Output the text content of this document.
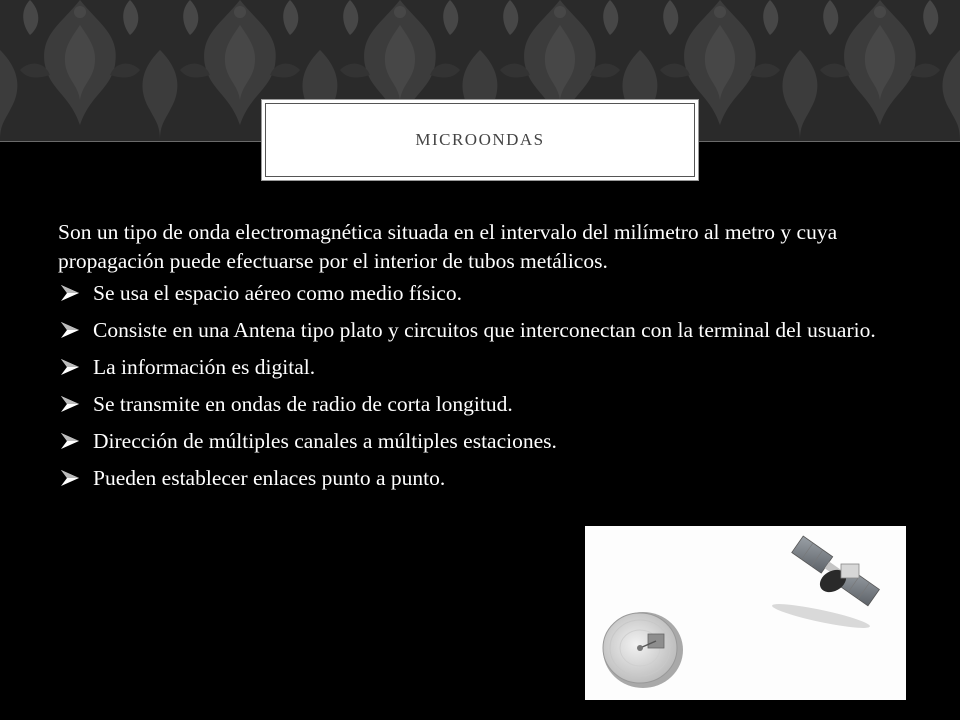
MICROONDAS

Son un tipo de onda electromagnética situada en el intervalo del milímetro al metro y cuya propagación puede efectuarse por el interior de tubos metálicos.

Se usa el espacio aéreo como medio físico.
Consiste en una Antena tipo plato y circuitos que interconectan con la terminal del usuario.
La información es digital.
Se transmite en ondas de radio de corta longitud.
Dirección de múltiples canales a múltiples estaciones.
Pueden establecer enlaces punto a punto.
